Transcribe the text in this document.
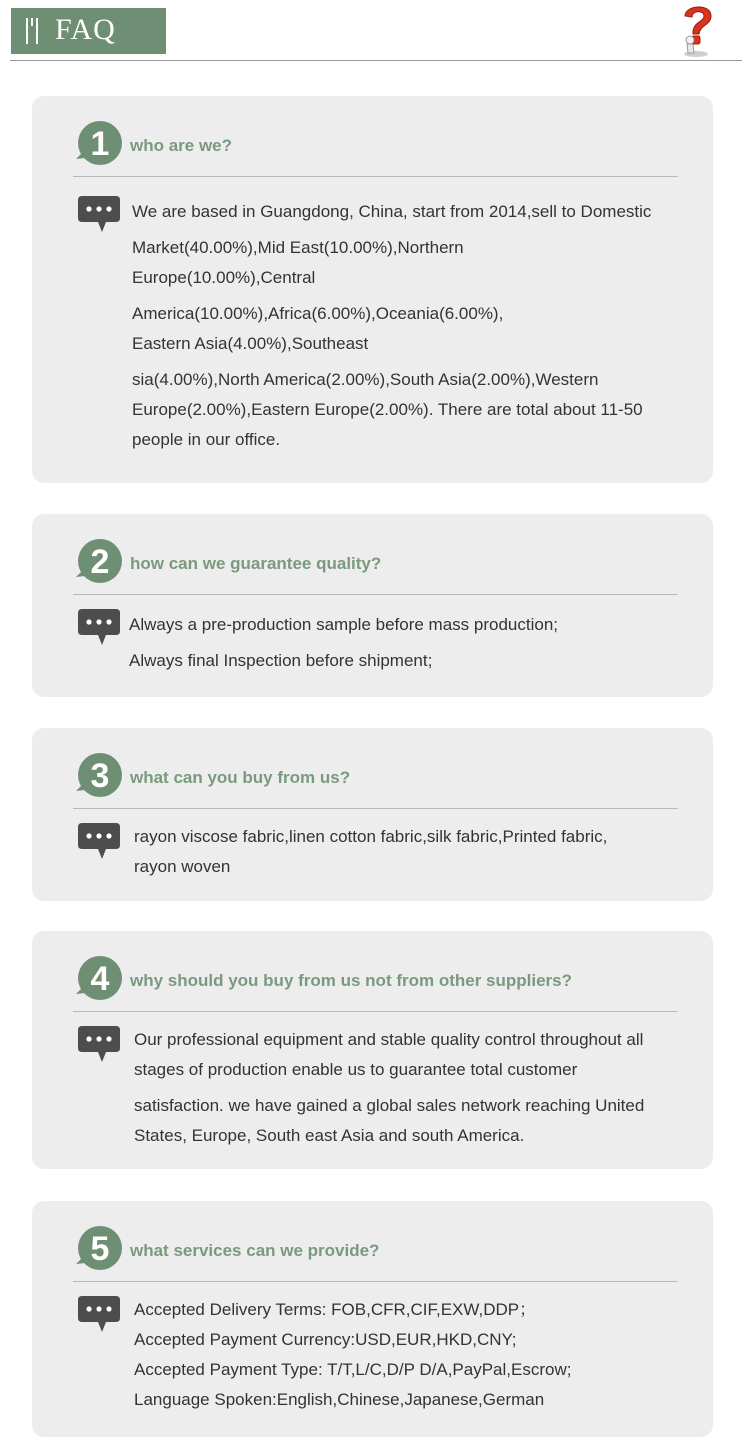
FAQ
1 who are we?

We are based in Guangdong, China, start from 2014,sell to Domestic

Market(40.00%),Mid East(10.00%),Northern

Europe(10.00%),Central

America(10.00%),Africa(6.00%),Oceania(6.00%),

Eastern Asia(4.00%),Southeast

sia(4.00%),North America(2.00%),South Asia(2.00%),Western

Europe(2.00%),Eastern Europe(2.00%). There are total about 11-50

people in our office.

2 how can we guarantee quality?

Always a pre-production sample before mass production;

Always final Inspection before shipment;

3 what can you buy from us?

rayon viscose fabric,linen cotton fabric,silk fabric,Printed fabric,

rayon woven

4 why should you buy from us not from other suppliers?

Our professional equipment and stable quality control throughout all

stages of production enable us to guarantee total customer

satisfaction. we have gained a global sales network reaching United

States, Europe, South east Asia and south America.

5 what services can we provide?

Accepted Delivery Terms: FOB,CFR,CIF,EXW,DDP；

Accepted Payment Currency:USD,EUR,HKD,CNY;

Accepted Payment Type: T/T,L/C,D/P D/A,PayPal,Escrow;

Language Spoken:English,Chinese,Japanese,German
